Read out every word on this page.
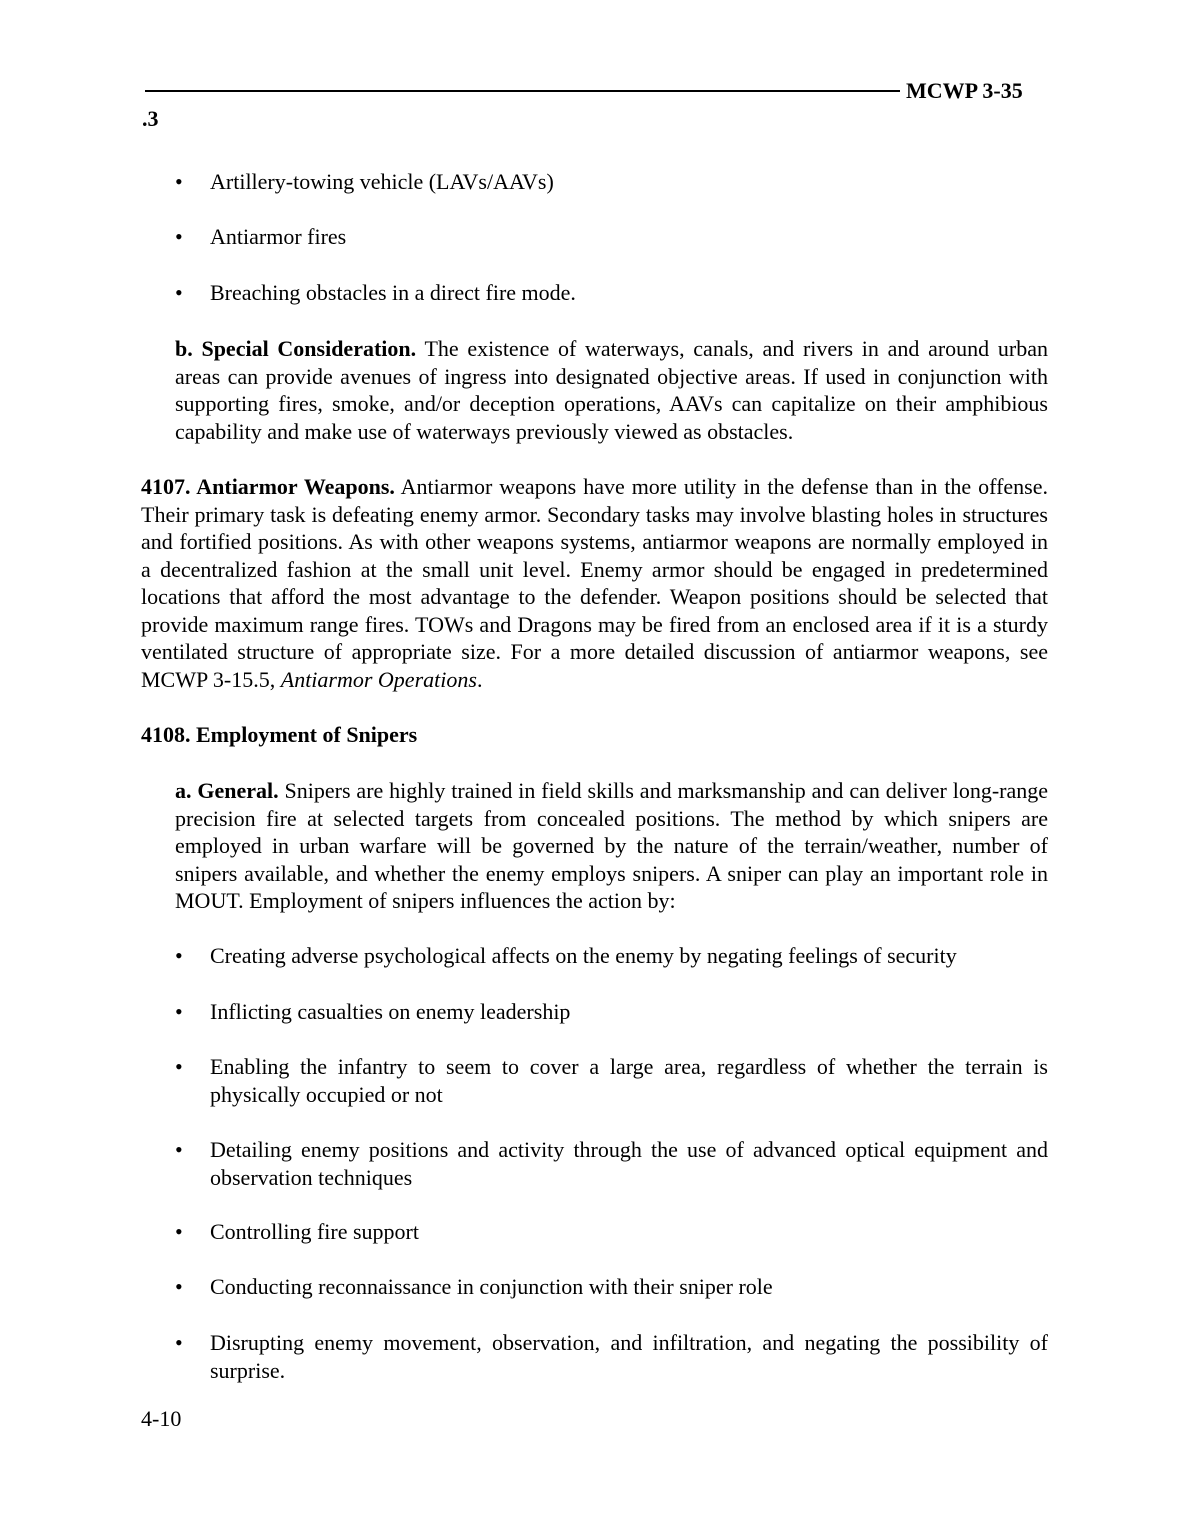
MCWP 3-35
.3
• Artillery-towing vehicle (LAVs/AAVs)
• Antiarmor fires
• Breaching obstacles in a direct fire mode.
b. Special Consideration. The existence of waterways, canals, and rivers in and around urban areas can provide avenues of ingress into designated objective areas. If used in conjunction with supporting fires, smoke, and/or deception operations, AAVs can capitalize on their amphibious capability and make use of waterways previously viewed as obstacles.
4107. Antiarmor Weapons. Antiarmor weapons have more utility in the defense than in the offense. Their primary task is defeating enemy armor. Secondary tasks may involve blasting holes in structures and fortified positions. As with other weapons systems, antiarmor weapons are normally employed in a decentralized fashion at the small unit level. Enemy armor should be engaged in predetermined locations that afford the most advantage to the defender. Weapon positions should be selected that provide maximum range fires. TOWs and Dragons may be fired from an enclosed area if it is a sturdy ventilated structure of appropriate size. For a more detailed discussion of antiarmor weapons, see MCWP 3-15.5, Antiarmor Operations.
4108. Employment of Snipers
a. General. Snipers are highly trained in field skills and marksmanship and can deliver long-range precision fire at selected targets from concealed positions. The method by which snipers are employed in urban warfare will be governed by the nature of the terrain/weather, number of snipers available, and whether the enemy employs snipers. A sniper can play an important role in MOUT. Employment of snipers influences the action by:
• Creating adverse psychological affects on the enemy by negating feelings of security
• Inflicting casualties on enemy leadership
• Enabling the infantry to seem to cover a large area, regardless of whether the terrain is physically occupied or not
• Detailing enemy positions and activity through the use of advanced optical equipment and observation techniques
• Controlling fire support
• Conducting reconnaissance in conjunction with their sniper role
• Disrupting enemy movement, observation, and infiltration, and negating the possibility of surprise.
4-10
